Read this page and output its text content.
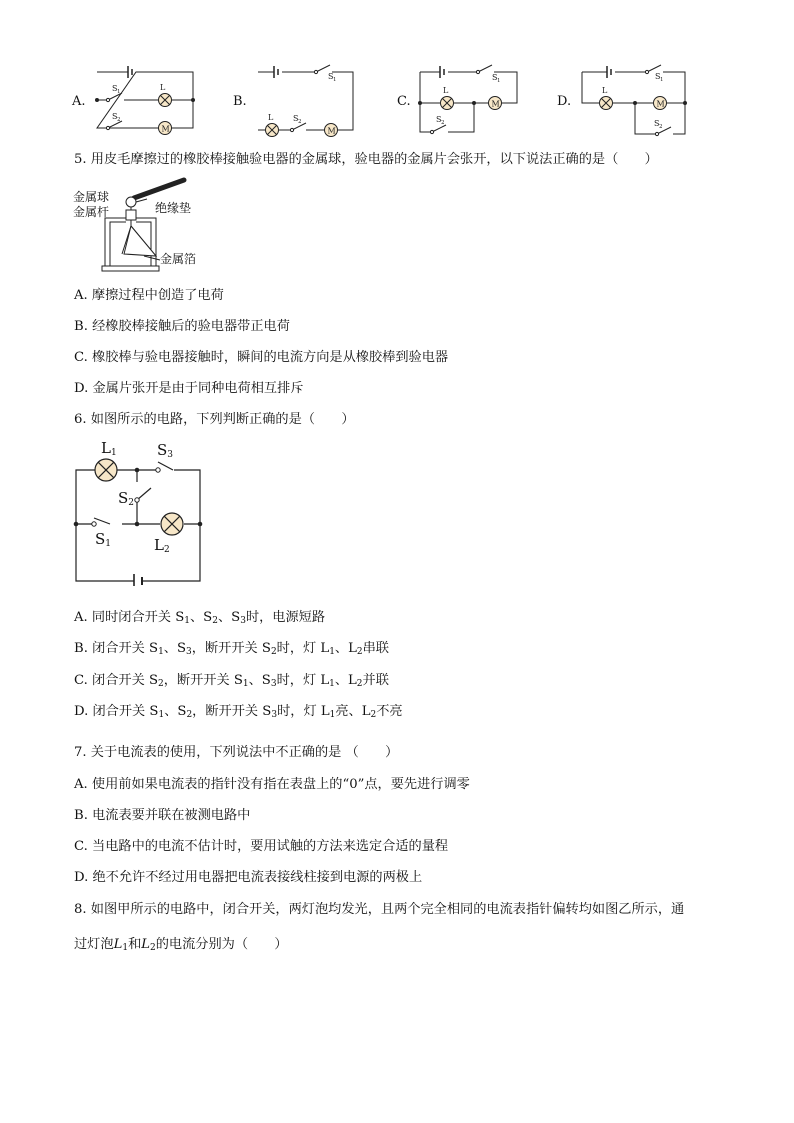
A.
M
L
S 1
S 2
B.
M
L
S 1
S 2
C.	M
L
S 1
S 2
D.	M
L
S 1
S 2
5. 用皮毛摩擦过的橡胶棒接触验电器的金属球，验电器的金属片会张开，以下说法正确的是（　　）
金属球
金属杆	绝缘垫
金属箔
A. 摩擦过程中创造了电荷
B. 经橡胶棒接触后的验电器带正电荷
C. 橡胶棒与验电器接触时，瞬间的电流方向是从橡胶棒到验电器
D. 金属片张开是由于同种电荷相互排斥
6. 如图所示的电路，下列判断正确的是（　　）
$L_1$	$S_3$
$S_2$
$S_1$	$L_2$
A. 同时闭合开关 $S_1$、$S_2$、$S_3$时，电源短路
B. 闭合开关 $S_1$、$S_3$，断开开关 $S_2$时，灯 $L_1$、$L_2$串联
C. 闭合开关 $S_2$，断开开关 $S_1$、$S_3$时，灯 $L_1$、$L_2$并联
D. 闭合开关 $S_1$、$S_2$，断开开关 $S_3$时，灯 $L_1$亮、$L_2$不亮
7. 关于电流表的使用，下列说法中不正确的是 （　　）
A. 使用前如果电流表的指针没有指在表盘上的“0”点，要先进行调零
B. 电流表要并联在被测电路中
C. 当电路中的电流不估计时，要用试触的方法来选定合适的量程
D. 绝不允许不经过用电器把电流表接线柱接到电源的两极上
8. 如图甲所示的电路中，闭合开关，两灯泡均发光，且两个完全相同的电流表指针偏转均如图乙所示，通
过灯泡$L_1$和$L_2$的电流分别为（　　）
